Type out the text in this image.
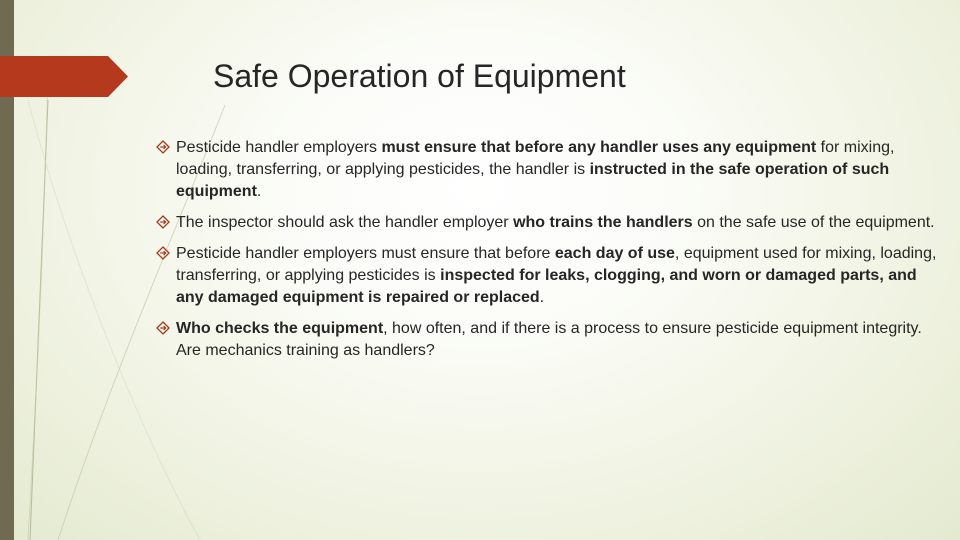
Safe Operation of Equipment
Pesticide handler employers must ensure that before any handler uses any equipment for mixing, loading, transferring, or applying pesticides, the handler is instructed in the safe operation of such equipment.
The inspector should ask the handler employer who trains the handlers on the safe use of the equipment.
Pesticide handler employers must ensure that before each day of use, equipment used for mixing, loading, transferring, or applying pesticides is inspected for leaks, clogging, and worn or damaged parts, and any damaged equipment is repaired or replaced.
Who checks the equipment, how often, and if there is a process to ensure pesticide equipment integrity. Are mechanics training as handlers?
